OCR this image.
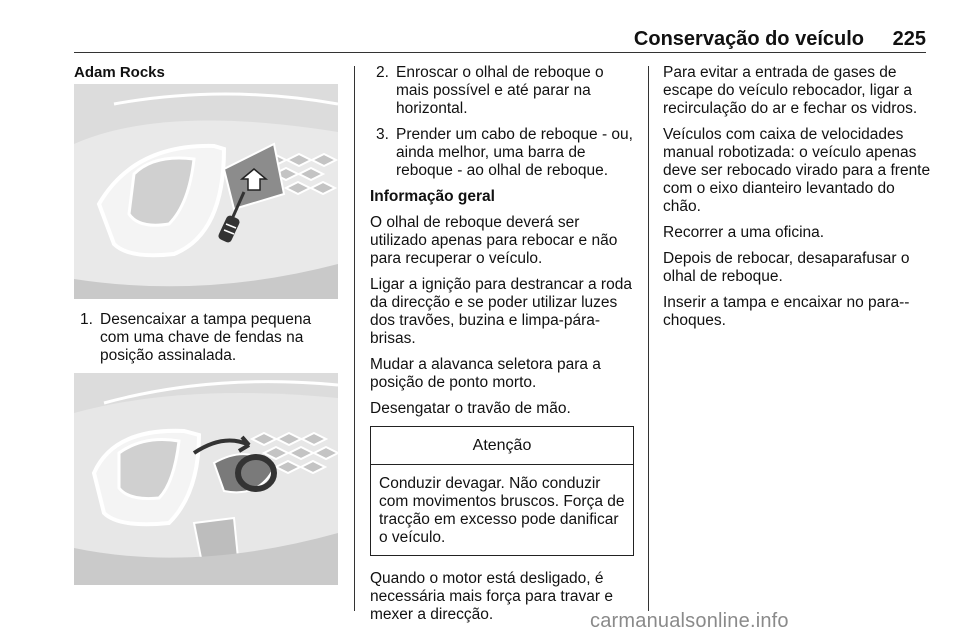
Conservação do veículo 225

Adam Rocks

1. Desencaixar a tampa pequena com uma chave de fendas na posição assinalada.
2. Enroscar o olhal de reboque o mais possível e até parar na horizontal.
3. Prender um cabo de reboque - ou, ainda melhor, uma barra de reboque - ao olhal de reboque.

Informação geral

O olhal de reboque deverá ser utilizado apenas para rebocar e não para recuperar o veículo.

Ligar a ignição para destrancar a roda da direcção e se poder utilizar luzes dos travões, buzina e limpa-pára-brisas.

Mudar a alavanca seletora para a posição de ponto morto.

Desengatar o travão de mão.

Atenção
Conduzir devagar. Não conduzir com movimentos bruscos. Força de tracção em excesso pode danificar o veículo.

Quando o motor está desligado, é necessária mais força para travar e mexer a direcção.

Para evitar a entrada de gases de escape do veículo rebocador, ligar a recirculação do ar e fechar os vidros.

Veículos com caixa de velocidades manual robotizada: o veículo apenas deve ser rebocado virado para a frente com o eixo dianteiro levantado do chão.

Recorrer a uma oficina.

Depois de rebocar, desaparafusar o olhal de reboque.

Inserir a tampa e encaixar no para--choques.

carmanualsonline.info
